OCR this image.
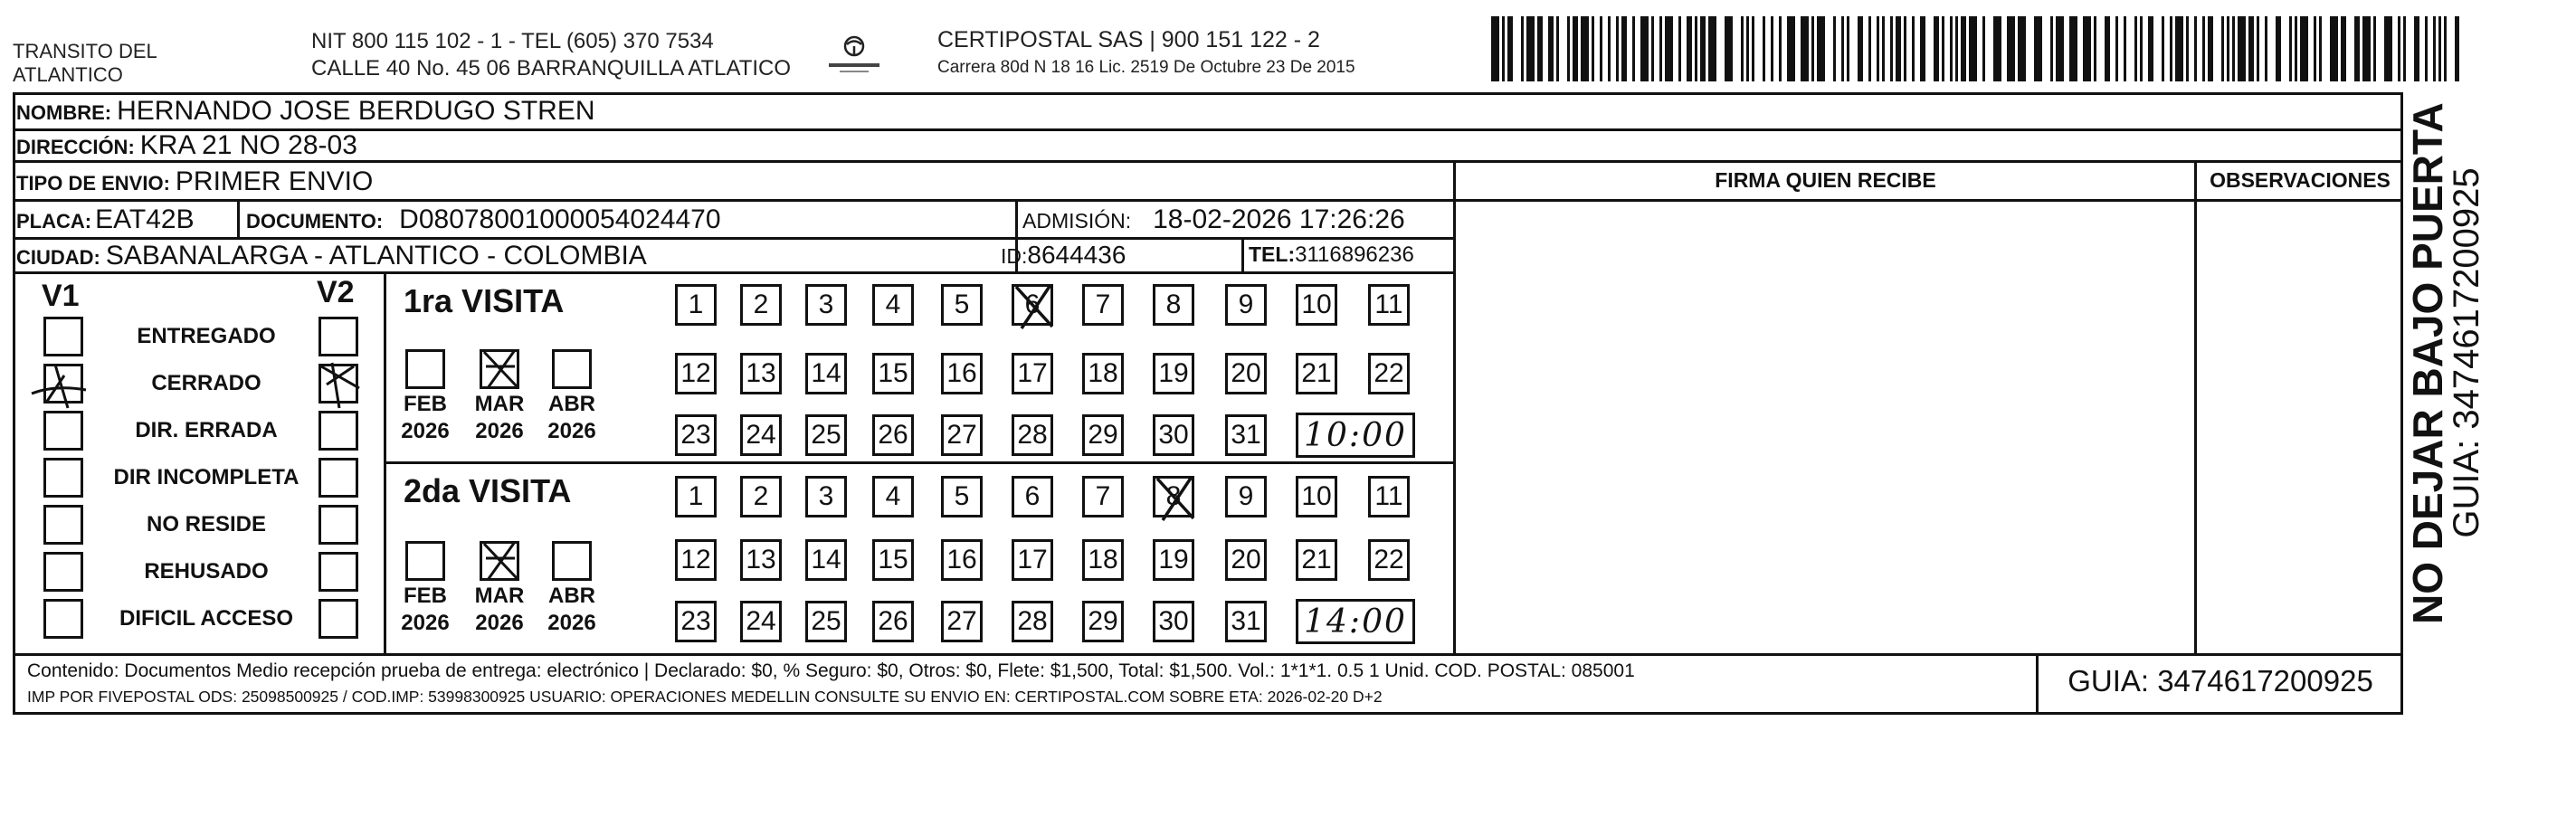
TRANSITO DEL
ATLANTICO
NIT 800 115 102 - 1 - TEL (605) 370 7534
CALLE 40 No. 45 06 BARRANQUILLA ATLATICO
CERTIPOSTAL SAS | 900 151 122 - 2
Carrera 80d N 18 16 Lic. 2519 De Octubre 23 De 2015
NOMBRE: HERNANDO JOSE BERDUGO STREN
DIRECCIÓN: KRA 21 NO 28-03
TIPO DE ENVIO: PRIMER ENVIO	FIRMA QUIEN RECIBE	OBSERVACIONES
PLACA: EAT42B	DOCUMENTO: D08078001000054024470	ADMISIÓN: 18-02-2026 17:26:26
CIUDAD: SABANALARGA - ATLANTICO - COLOMBIA	ID: 8644436	TEL: 3116896236
V1	V2
ENTREGADO
CERRADO
DIR. ERRADA
DIR INCOMPLETA
NO RESIDE
REHUSADO
DIFICIL ACCESO
1ra VISITA
2da VISITA
FEB
2026
MAR
2026
ABR
2026
1 2 3 4 5 6 7 8 9 10 11
12 13 14 15 16 17 18 19 20 21 22
23 24 25 26 27 28 29 30 31 10:00
FEB
2026
MAR
2026
ABR
2026
1 2 3 4 5 6 7 8 9 10 11
12 13 14 15 16 17 18 19 20 21 22
23 24 25 26 27 28 29 30 31 14:00
Contenido: Documentos Medio recepción prueba de entrega: electrónico | Declarado: $0, % Seguro: $0, Otros: $0, Flete: $1,500, Total: $1,500. Vol.: 1*1*1. 0.5 1 Unid. COD. POSTAL: 085001
IMP POR FIVEPOSTAL ODS: 25098500925 / COD.IMP: 53998300925 USUARIO: OPERACIONES MEDELLIN CONSULTE SU ENVIO EN: CERTIPOSTAL.COM SOBRE ETA: 2026-02-20 D+2	GUIA: 3474617200925
NO DEJAR BAJO PUERTA
GUIA: 3474617200925
